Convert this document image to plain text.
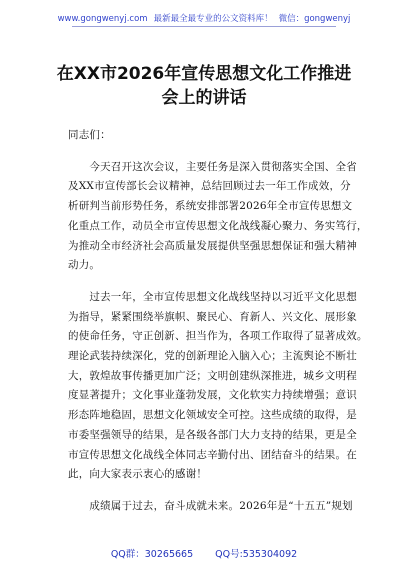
www.gongwenyj.com 最新最全最专业的公文资料库！ 微信：gongwenyj
在XX市2026年宣传思想文化工作推进
会上的讲话
同志们：
　　今天召开这次会议，主要任务是深入贯彻落实全国、全省
及XX市宣传部长会议精神，总结回顾过去一年工作成效，分
析研判当前形势任务，系统安排部署2026年全市宣传思想文
化重点工作，动员全市宣传思想文化战线凝心聚力、务实笃行，
为推动全市经济社会高质量发展提供坚强思想保证和强大精神
动力。
　　过去一年，全市宣传思想文化战线坚持以习近平文化思想
为指导，紧紧围绕举旗帜、聚民心、育新人、兴文化、展形象
的使命任务，守正创新、担当作为，各项工作取得了显著成效。
理论武装持续深化，党的创新理论入脑入心；主流舆论不断壮
大，敦煌故事传播更加广泛；文明创建纵深推进，城乡文明程
度显著提升；文化事业蓬勃发展，文化软实力持续增强；意识
形态阵地稳固，思想文化领域安全可控。这些成绩的取得，是
市委坚强领导的结果，是各级各部门大力支持的结果，更是全
市宣传思想文化战线全体同志辛勤付出、团结奋斗的结果。在
此，向大家表示衷心的感谢！
　　成绩属于过去，奋斗成就未来。2026年是“十五五”规划
QQ群：30265665 QQ号:535304092
